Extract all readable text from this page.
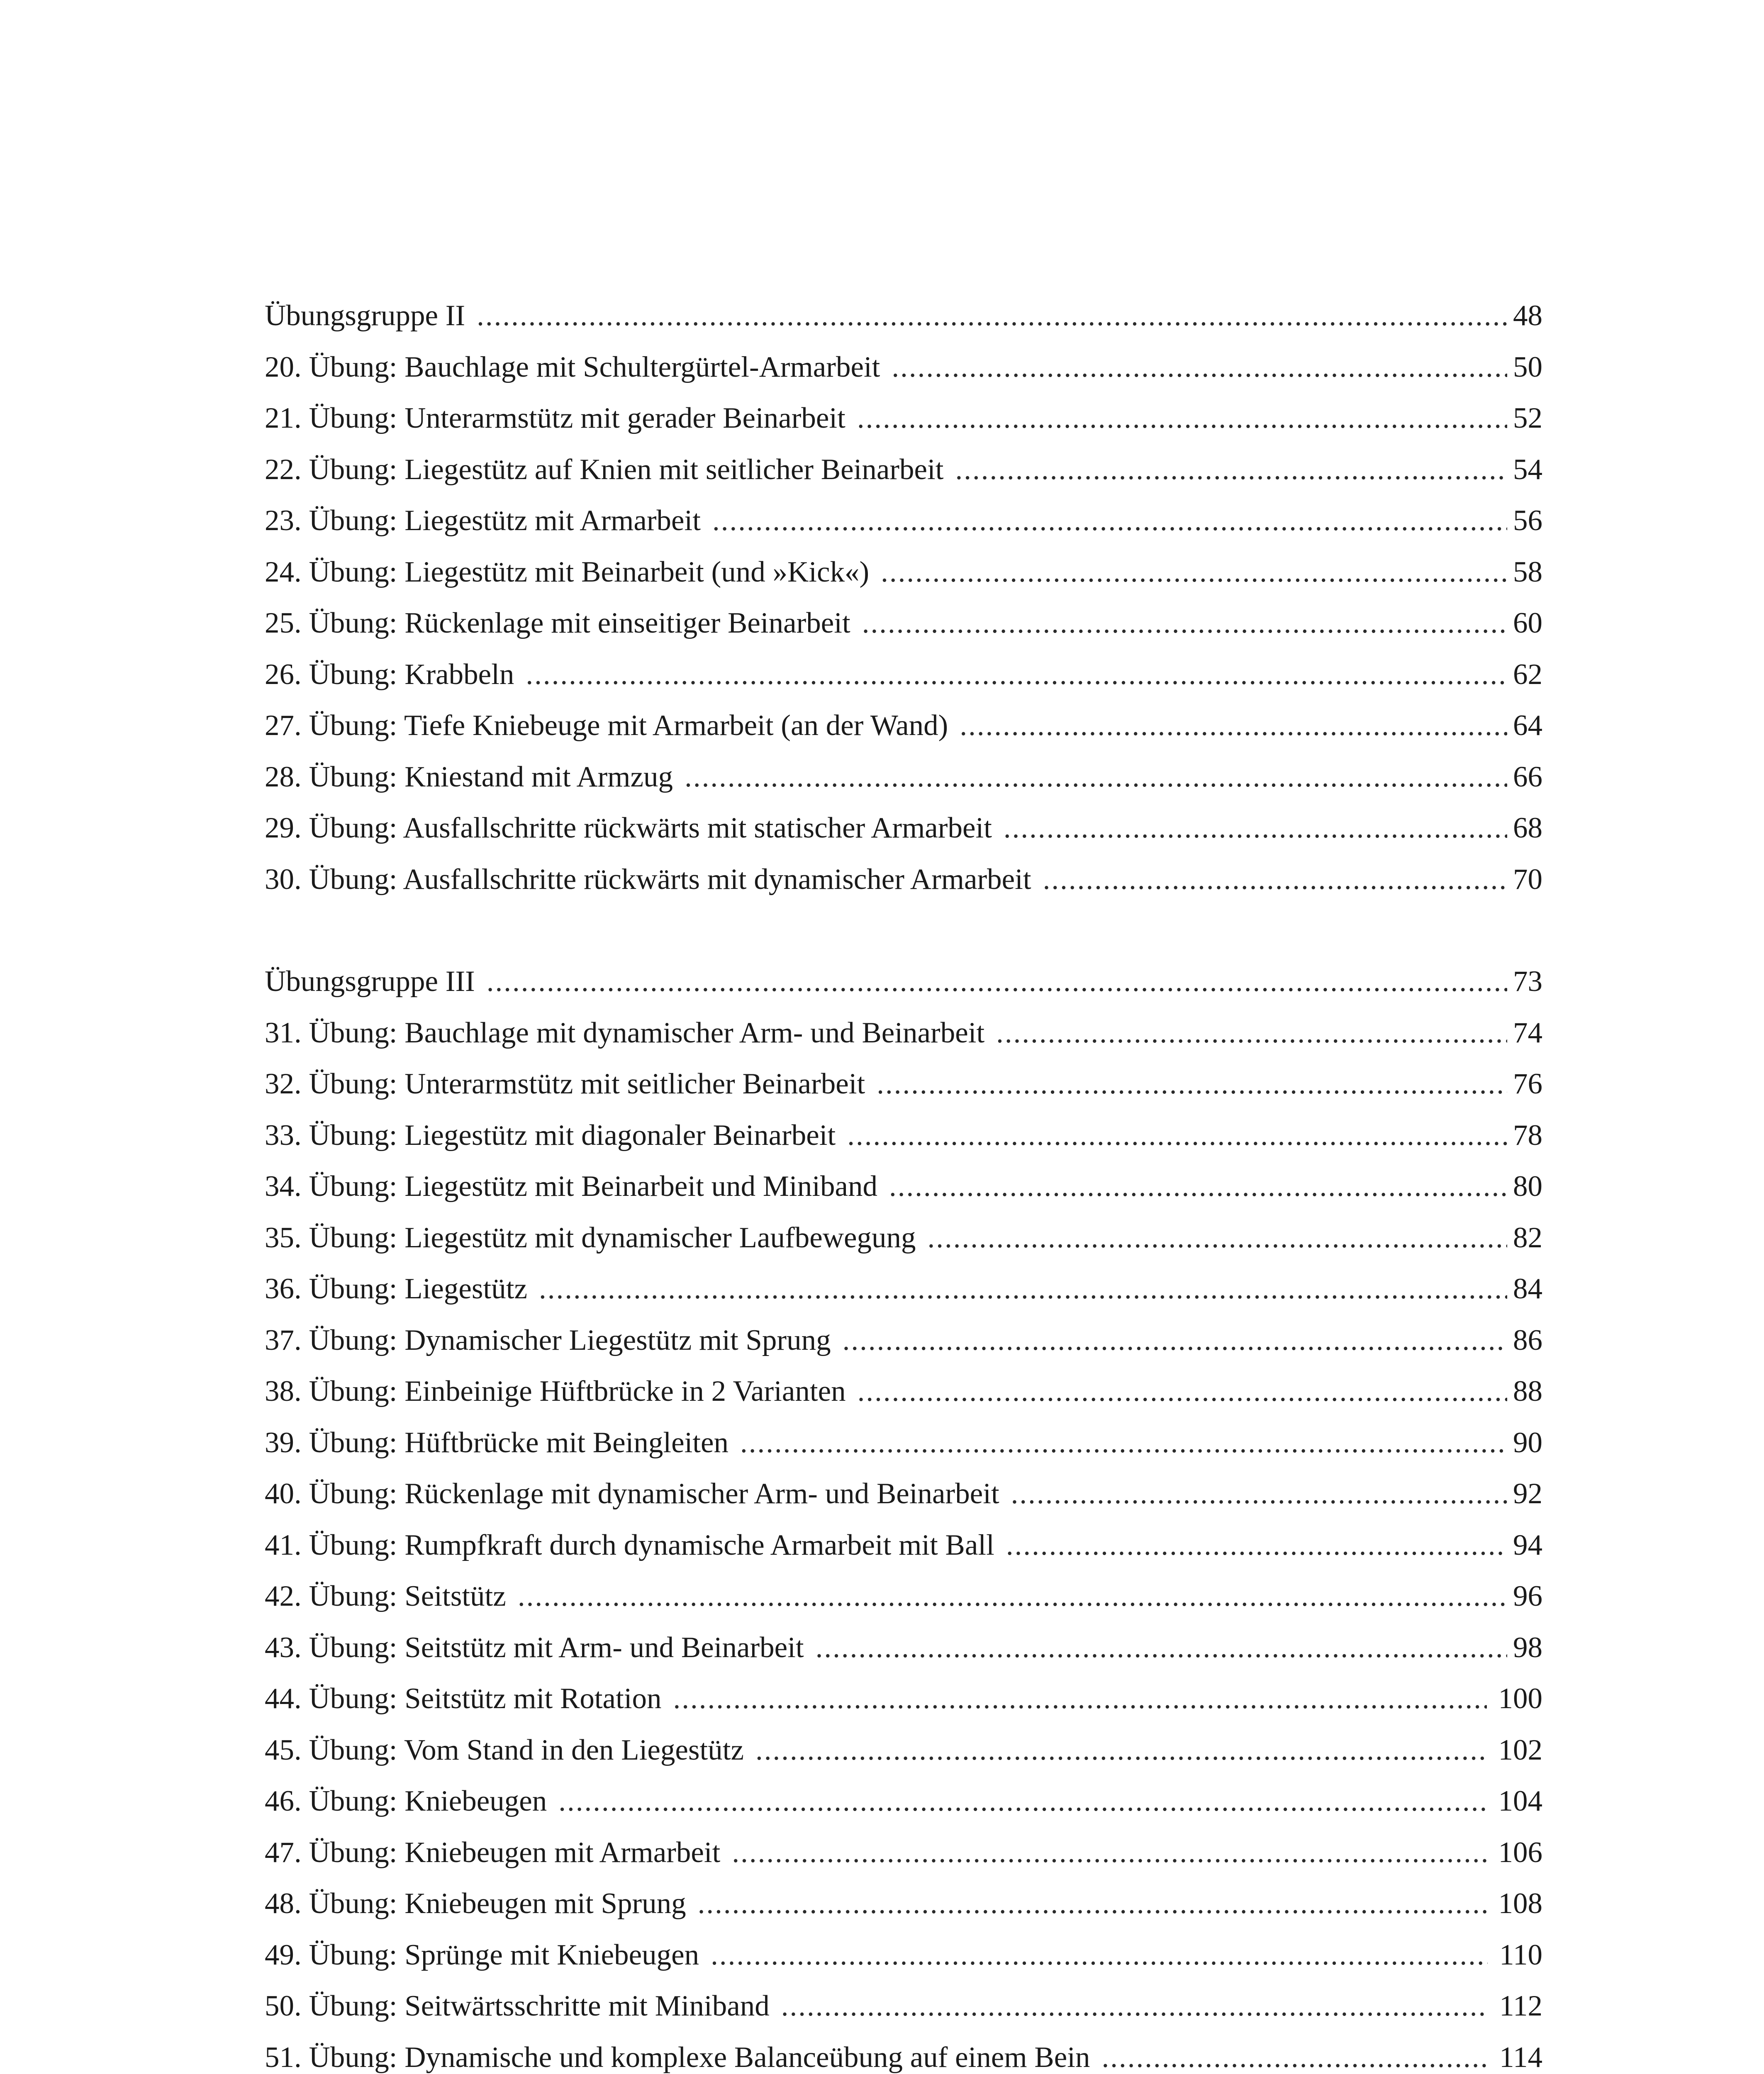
Übungsgruppe II .....	48
20. Übung: Bauchlage mit Schultergürtel-Armarbeit .....	50
21. Übung: Unterarmstütz mit gerader Beinarbeit .....	52
22. Übung: Liegestütz auf Knien mit seitlicher Beinarbeit .....	54
23. Übung: Liegestütz mit Armarbeit .....	56
24. Übung: Liegestütz mit Beinarbeit (und »Kick«) .....	58
25. Übung: Rückenlage mit einseitiger Beinarbeit .....	60
26. Übung: Krabbeln .....	62
27. Übung: Tiefe Kniebeuge mit Armarbeit (an der Wand) .....	64
28. Übung: Kniestand mit Armzug .....	66
29. Übung: Ausfallschritte rückwärts mit statischer Armarbeit .....	68
30. Übung: Ausfallschritte rückwärts mit dynamischer Armarbeit .....	70
Übungsgruppe III .....	73
31. Übung: Bauchlage mit dynamischer Arm- und Beinarbeit .....	74
32. Übung: Unterarmstütz mit seitlicher Beinarbeit .....	76
33. Übung: Liegestütz mit diagonaler Beinarbeit .....	78
34. Übung: Liegestütz mit Beinarbeit und Miniband .....	80
35. Übung: Liegestütz mit dynamischer Laufbewegung .....	82
36. Übung: Liegestütz .....	84
37. Übung: Dynamischer Liegestütz mit Sprung .....	86
38. Übung: Einbeinige Hüftbrücke in 2 Varianten .....	88
39. Übung: Hüftbrücke mit Beingleiten .....	90
40. Übung: Rückenlage mit dynamischer Arm- und Beinarbeit .....	92
41. Übung: Rumpfkraft durch dynamische Armarbeit mit Ball .....	94
42. Übung: Seitstütz .....	96
43. Übung: Seitstütz mit Arm- und Beinarbeit .....	98
44. Übung: Seitstütz mit Rotation .....	100
45. Übung: Vom Stand in den Liegestütz .....	102
46. Übung: Kniebeugen .....	104
47. Übung: Kniebeugen mit Armarbeit .....	106
48. Übung: Kniebeugen mit Sprung .....	108
49. Übung: Sprünge mit Kniebeugen .....	110
50. Übung: Seitwärtsschritte mit Miniband .....	112
51. Übung: Dynamische und komplexe Balanceübung auf einem Bein .....	114
